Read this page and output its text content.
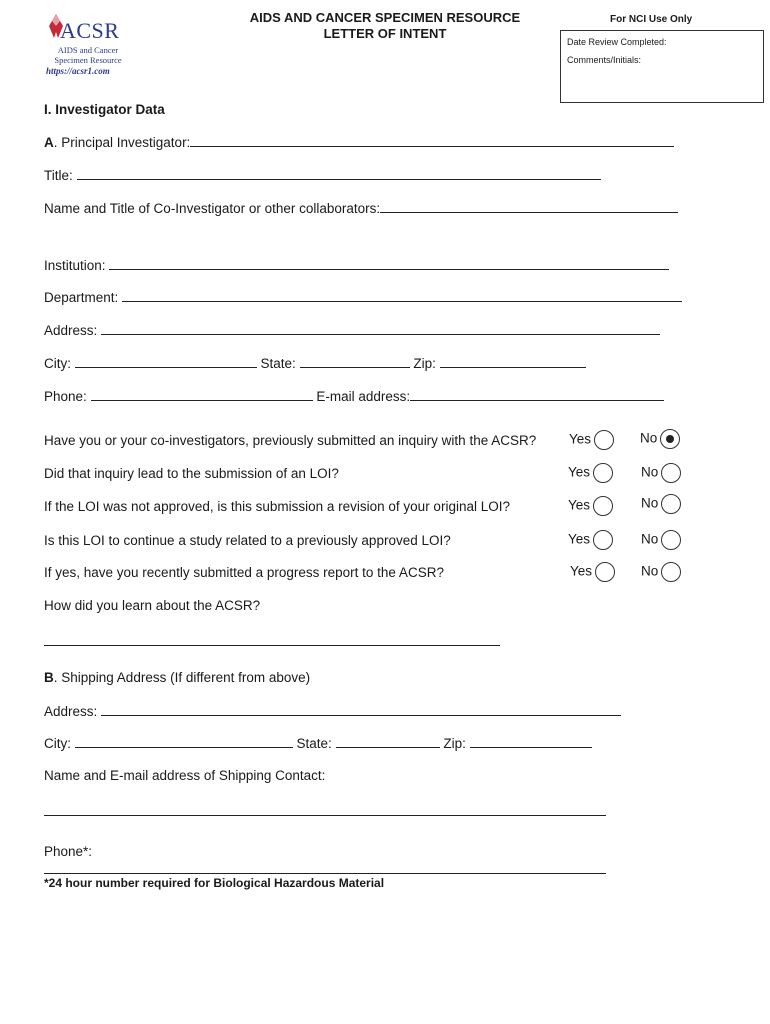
ACSR
AIDS and Cancer Specimen Resource
https://acsr1.com
AIDS AND CANCER SPECIMEN RESOURCE
LETTER OF INTENT
For NCI Use Only
Date Review Completed:
Comments/Initials:
I. Investigator Data
A. Principal Investigator:
Title:
Name and Title of Co-Investigator or other collaborators:
Institution:
Department:
Address:
City:	State:	Zip:
Phone:	E-mail address:
Have you or your co-investigators, previously submitted an inquiry with the ACSR? Yes	No
Did that inquiry lead to the submission of an LOI?	Yes	No
If the LOI was not approved, is this submission a revision of your original LOI?	Yes	No
Is this LOI to continue a study related to a previously approved LOI?	Yes	No
If yes, have you recently submitted a progress report to the ACSR?	Yes	No
How did you learn about the ACSR?
B. Shipping Address (If different from above)
Address:
City:	State:	Zip:
Name and E-mail address of Shipping Contact:
Phone*:
*24 hour number required for Biological Hazardous Material
